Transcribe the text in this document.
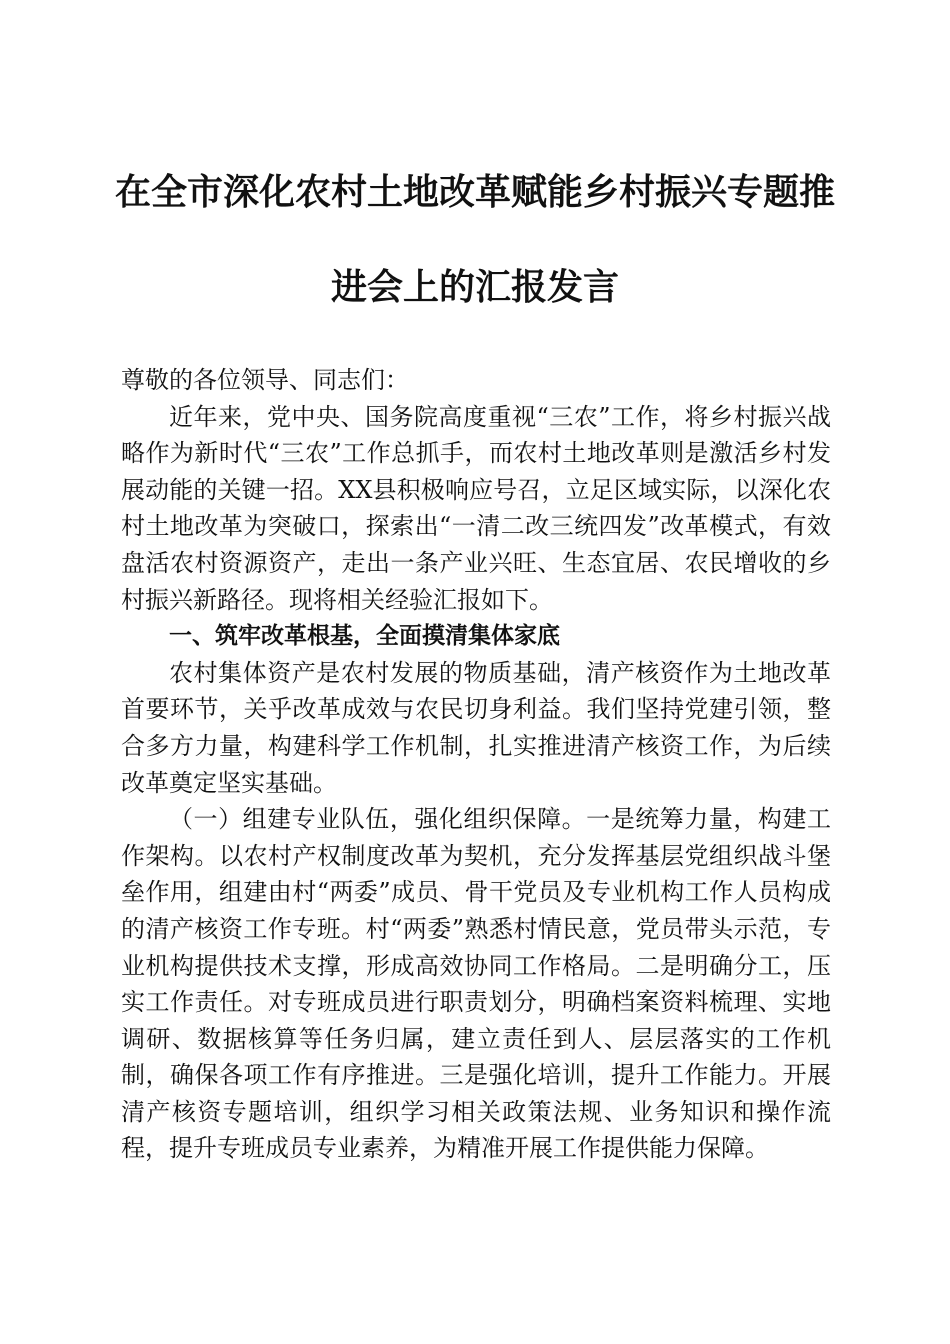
在全市深化农村土地改革赋能乡村振兴专题推
进会上的汇报发言

尊敬的各位领导、同志们：

近年来，党中央、国务院高度重视“三农”工作，将乡村振兴战略作为新时代“三农”工作总抓手，而农村土地改革则是激活乡村发展动能的关键一招。XX县积极响应号召，立足区域实际，以深化农村土地改革为突破口，探索出“一清二改三统四发”改革模式，有效盘活农村资源资产，走出一条产业兴旺、生态宜居、农民增收的乡村振兴新路径。现将相关经验汇报如下。

一、筑牢改革根基，全面摸清集体家底

农村集体资产是农村发展的物质基础，清产核资作为土地改革首要环节，关乎改革成效与农民切身利益。我们坚持党建引领，整合多方力量，构建科学工作机制，扎实推进清产核资工作，为后续改革奠定坚实基础。

（一）组建专业队伍，强化组织保障。一是统筹力量，构建工作架构。以农村产权制度改革为契机，充分发挥基层党组织战斗堡垒作用，组建由村“两委”成员、骨干党员及专业机构工作人员构成的清产核资工作专班。村“两委”熟悉村情民意，党员带头示范，专业机构提供技术支撑，形成高效协同工作格局。二是明确分工，压实工作责任。对专班成员进行职责划分，明确档案资料梳理、实地调研、数据核算等任务归属，建立责任到人、层层落实的工作机制，确保各项工作有序推进。三是强化培训，提升工作能力。开展清产核资专题培训，组织学习相关政策法规、业务知识和操作流程，提升专班成员专业素养，为精准开展工作提供能力保障。
